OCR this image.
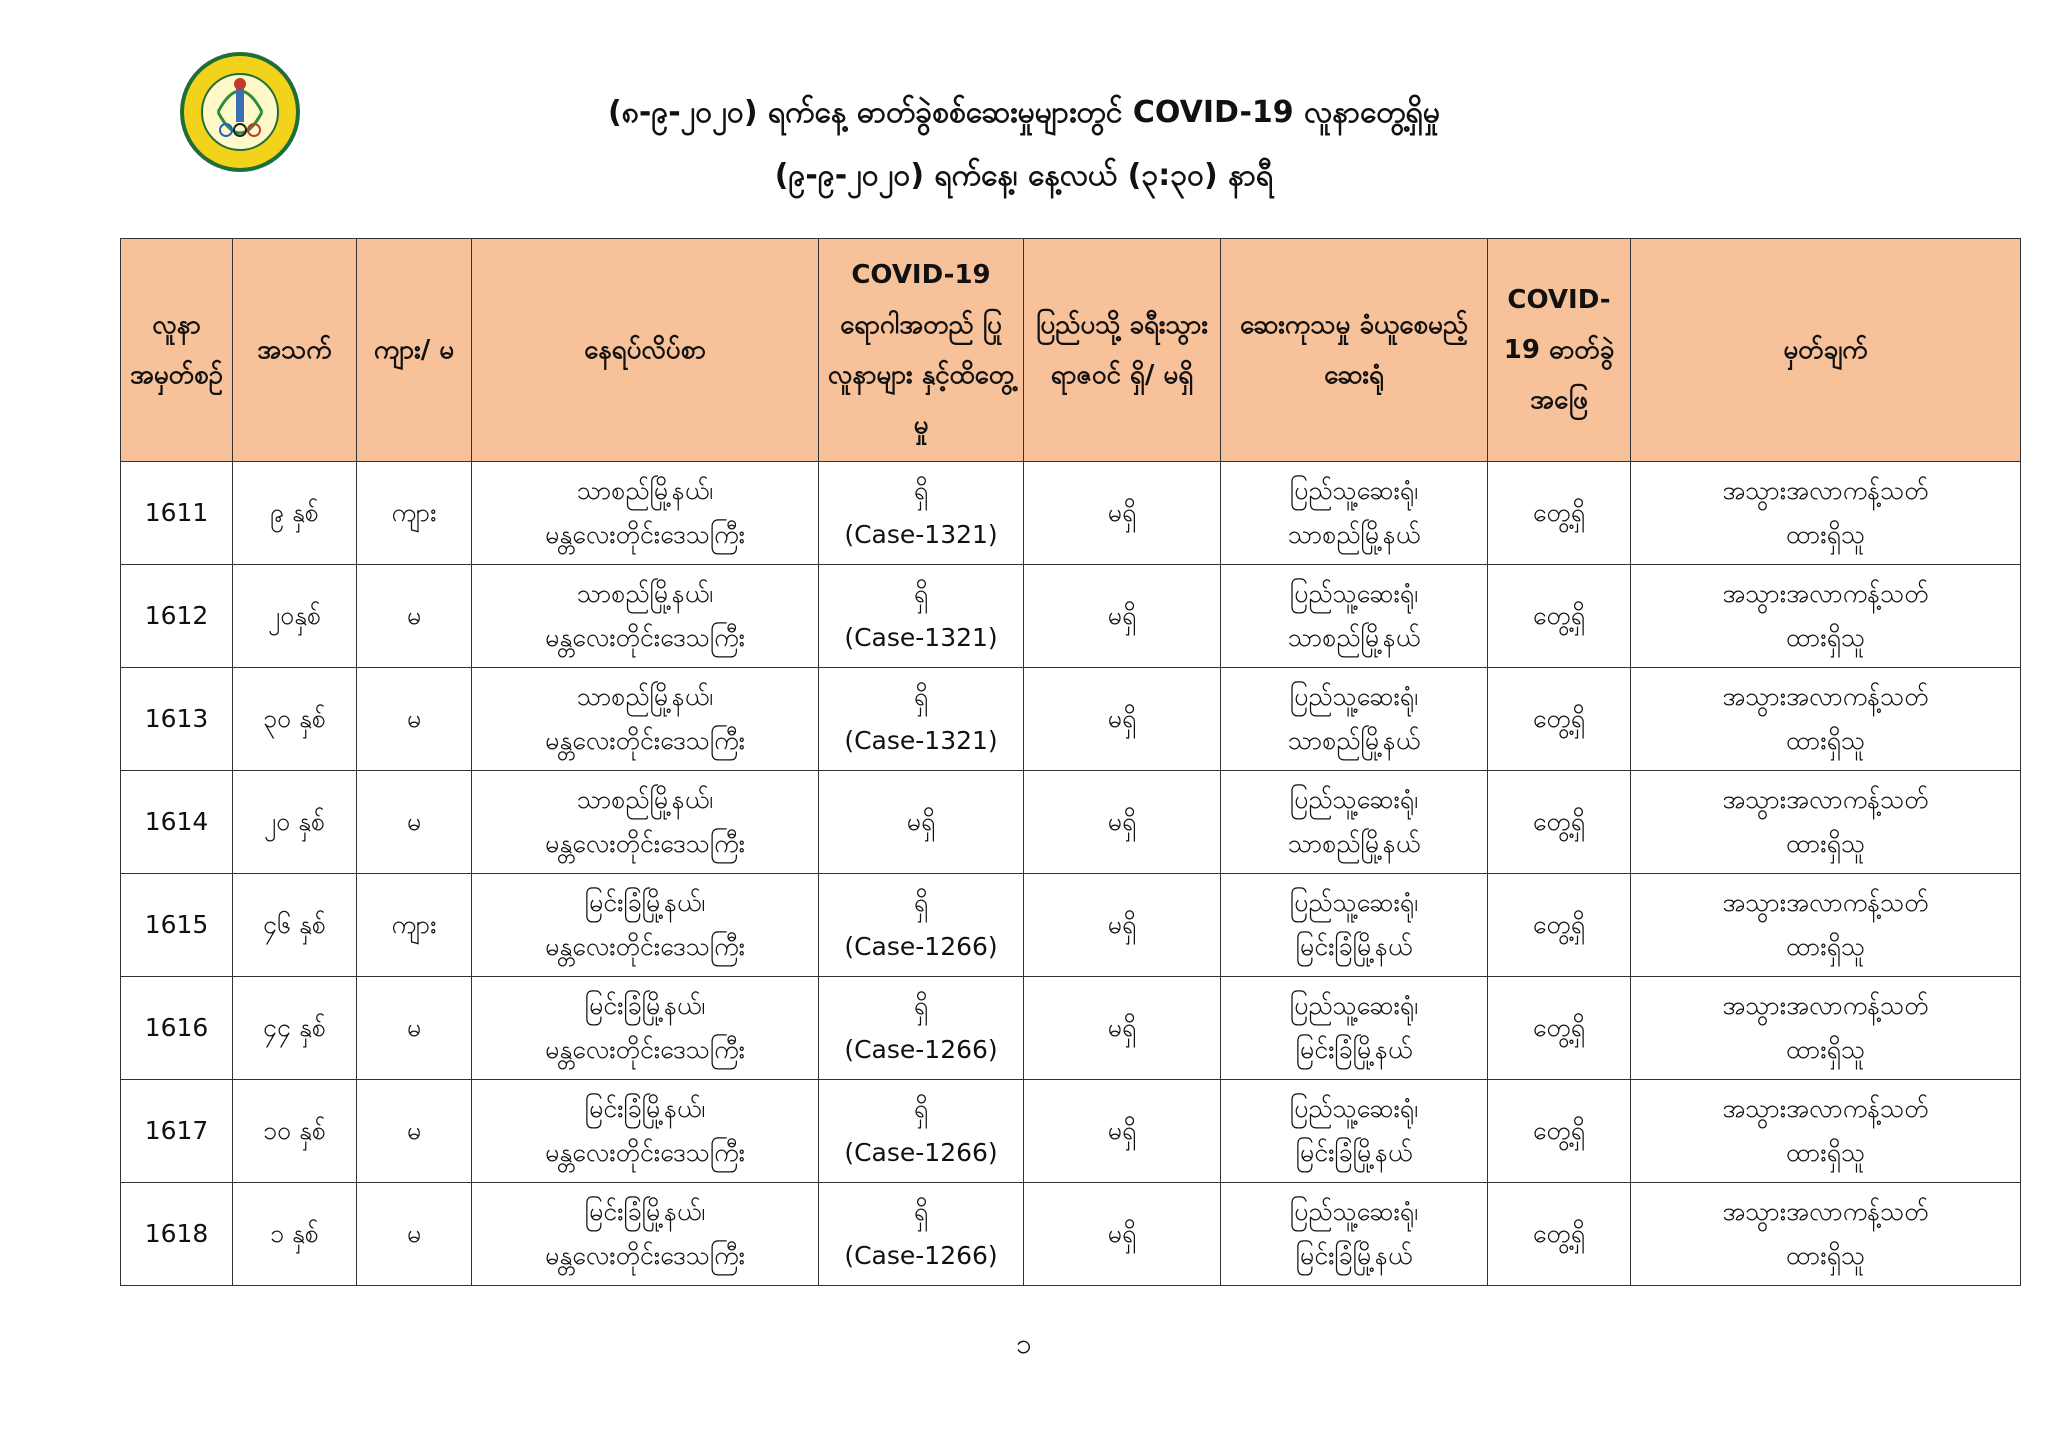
(၈-၉-၂၀၂၀) ရက်နေ့ ဓာတ်ခွဲစစ်ဆေးမှုများတွင် COVID-19 လူနာတွေ့ရှိမှု
(၉-၉-၂၀၂၀) ရက်နေ့၊ နေ့လယ် (၃:၃၀) နာရီ
လူနာ အမှတ်စဉ်	အသက်	ကျား/ မ	နေရပ်လိပ်စာ	COVID-19 ရောဂါအတည် ပြု လူနာများ နှင့်ထိတွေ့မှု	ပြည်ပသို့ ခရီးသွား ရာဇဝင် ရှိ/ မရှိ	ဆေးကုသမှု ခံယူစေမည့် ဆေးရုံ	COVID-19 ဓာတ်ခွဲ အဖြေ	မှတ်ချက်

1611	၉ နှစ်	ကျား	သာစည်မြို့နယ်၊
မန္တလေးတိုင်းဒေသကြီး	ရှိ
(Case-1321)	မရှိ	ပြည်သူ့ဆေးရုံ၊
သာစည်မြို့နယ်	တွေ့ရှိ	အသွားအလာကန့်သတ်
ထားရှိသူ

1612	၂၀နှစ်	မ	သာစည်မြို့နယ်၊
မန္တလေးတိုင်းဒေသကြီး	ရှိ
(Case-1321)	မရှိ	ပြည်သူ့ဆေးရုံ၊
သာစည်မြို့နယ်	တွေ့ရှိ	အသွားအလာကန့်သတ်
ထားရှိသူ

1613	၃၀ နှစ်	မ	သာစည်မြို့နယ်၊
မန္တလေးတိုင်းဒေသကြီး	ရှိ
(Case-1321)	မရှိ	ပြည်သူ့ဆေးရုံ၊
သာစည်မြို့နယ်	တွေ့ရှိ	အသွားအလာကန့်သတ်
ထားရှိသူ

1614	၂၀ နှစ်	မ	သာစည်မြို့နယ်၊
မန္တလေးတိုင်းဒေသကြီး	မရှိ	မရှိ	ပြည်သူ့ဆေးရုံ၊
သာစည်မြို့နယ်	တွေ့ရှိ	အသွားအလာကန့်သတ်
ထားရှိသူ

1615	၄၆ နှစ်	ကျား	မြင်းခြံမြို့နယ်၊
မန္တလေးတိုင်းဒေသကြီး	ရှိ
(Case-1266)	မရှိ	ပြည်သူ့ဆေးရုံ၊
မြင်းခြံမြို့နယ်	တွေ့ရှိ	အသွားအလာကန့်သတ်
ထားရှိသူ

1616	၄၄ နှစ်	မ	မြင်းခြံမြို့နယ်၊
မန္တလေးတိုင်းဒေသကြီး	ရှိ
(Case-1266)	မရှိ	ပြည်သူ့ဆေးရုံ၊
မြင်းခြံမြို့နယ်	တွေ့ရှိ	အသွားအလာကန့်သတ်
ထားရှိသူ

1617	၁၀ နှစ်	မ	မြင်းခြံမြို့နယ်၊
မန္တလေးတိုင်းဒေသကြီး	ရှိ
(Case-1266)	မရှိ	ပြည်သူ့ဆေးရုံ၊
မြင်းခြံမြို့နယ်	တွေ့ရှိ	အသွားအလာကန့်သတ်
ထားရှိသူ

1618	၁ နှစ်	မ	မြင်းခြံမြို့နယ်၊
မန္တလေးတိုင်းဒေသကြီး	ရှိ
(Case-1266)	မရှိ	ပြည်သူ့ဆေးရုံ၊
မြင်းခြံမြို့နယ်	တွေ့ရှိ	အသွားအလာကန့်သတ်
ထားရှိသူ
၁
